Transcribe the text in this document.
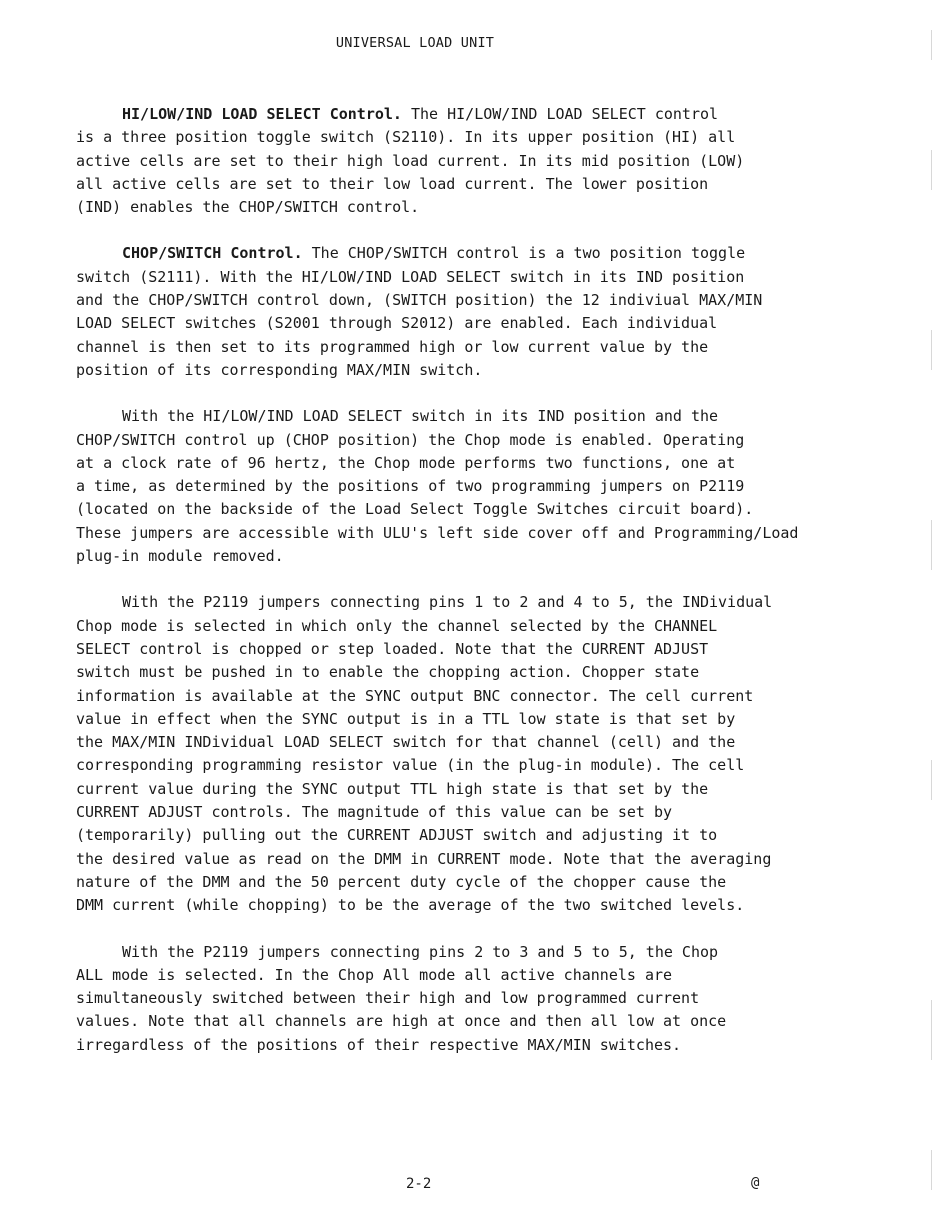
UNIVERSAL LOAD UNIT
HI/LOW/IND LOAD SELECT Control. The HI/LOW/IND LOAD SELECT control
is a three position toggle switch (S2110). In its upper position (HI) all
active cells are set to their high load current. In its mid position (LOW)
all active cells are set to their low load current. The lower position
(IND) enables the CHOP/SWITCH control.
CHOP/SWITCH Control. The CHOP/SWITCH control is a two position toggle
switch (S2111). With the HI/LOW/IND LOAD SELECT switch in its IND position
and the CHOP/SWITCH control down, (SWITCH position) the 12 indiviual MAX/MIN
LOAD SELECT switches (S2001 through S2012) are enabled. Each individual
channel is then set to its programmed high or low current value by the
position of its corresponding MAX/MIN switch.
With the HI/LOW/IND LOAD SELECT switch in its IND position and the
CHOP/SWITCH control up (CHOP position) the Chop mode is enabled. Operating
at a clock rate of 96 hertz, the Chop mode performs two functions, one at
a time, as determined by the positions of two programming jumpers on P2119
(located on the backside of the Load Select Toggle Switches circuit board).
These jumpers are accessible with ULU's left side cover off and Programming/Load
plug-in module removed.
With the P2119 jumpers connecting pins 1 to 2 and 4 to 5, the INDividual
Chop mode is selected in which only the channel selected by the CHANNEL
SELECT control is chopped or step loaded. Note that the CURRENT ADJUST
switch must be pushed in to enable the chopping action. Chopper state
information is available at the SYNC output BNC connector. The cell current
value in effect when the SYNC output is in a TTL low state is that set by
the MAX/MIN INDividual LOAD SELECT switch for that channel (cell) and the
corresponding programming resistor value (in the plug-in module). The cell
current value during the SYNC output TTL high state is that set by the
CURRENT ADJUST controls. The magnitude of this value can be set by
(temporarily) pulling out the CURRENT ADJUST switch and adjusting it to
the desired value as read on the DMM in CURRENT mode. Note that the averaging
nature of the DMM and the 50 percent duty cycle of the chopper cause the
DMM current (while chopping) to be the average of the two switched levels.
With the P2119 jumpers connecting pins 2 to 3 and 5 to 5, the Chop
ALL mode is selected. In the Chop All mode all active channels are
simultaneously switched between their high and low programmed current
values. Note that all channels are high at once and then all low at once
irregardless of the positions of their respective MAX/MIN switches.
2-2	@
